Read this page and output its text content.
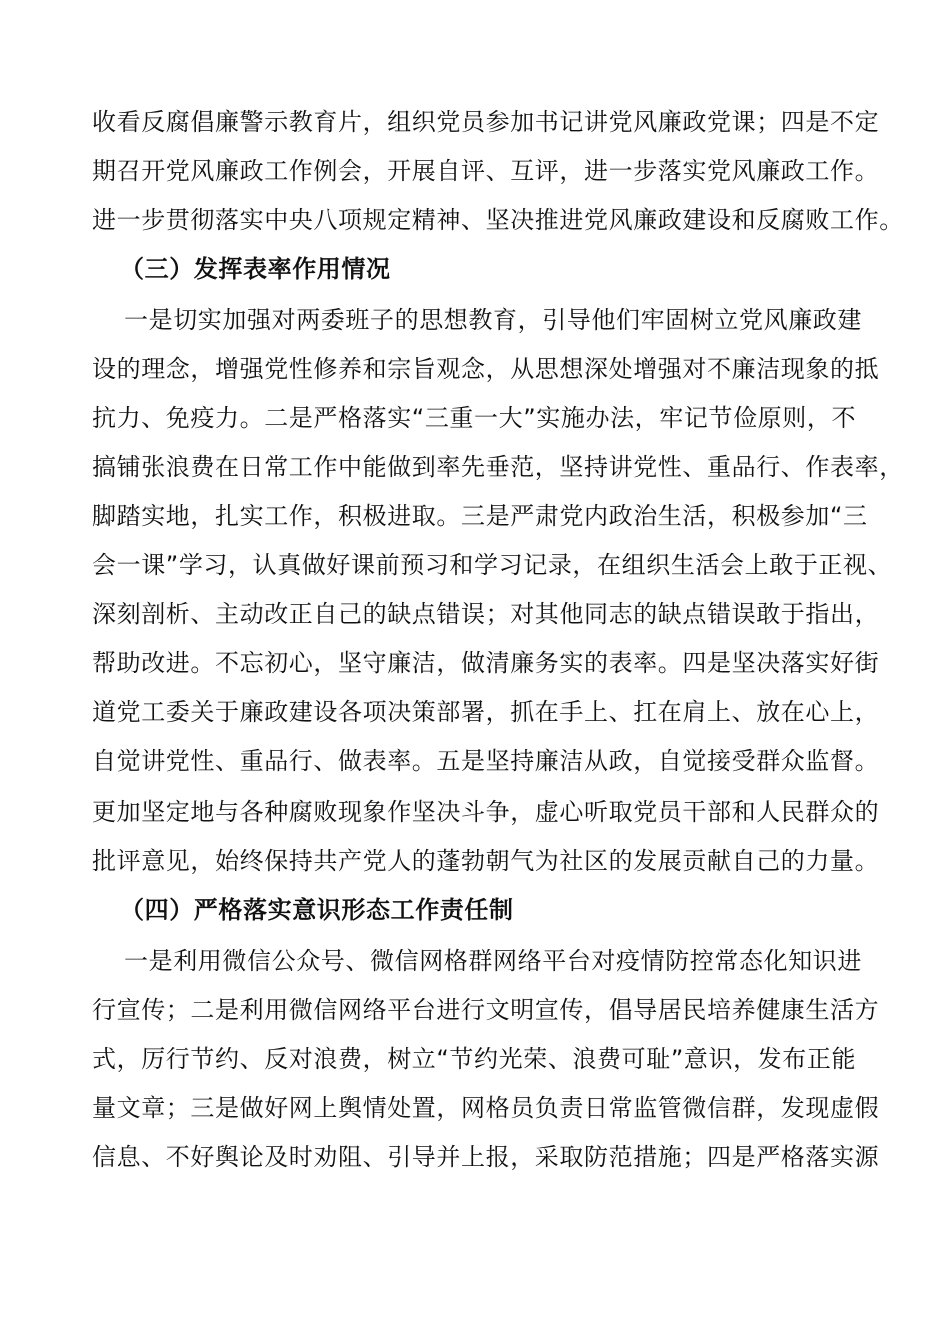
收看反腐倡廉警示教育片，组织党员参加书记讲党风廉政党课；四是不定
期召开党风廉政工作例会，开展自评、互评，进一步落实党风廉政工作。
进一步贯彻落实中央八项规定精神、坚决推进党风廉政建设和反腐败工作。
（三）发挥表率作用情况
一是切实加强对两委班子的思想教育，引导他们牢固树立党风廉政建
设的理念，增强党性修养和宗旨观念，从思想深处增强对不廉洁现象的抵
抗力、免疫力。二是严格落实“三重一大”实施办法，牢记节俭原则，不
搞铺张浪费在日常工作中能做到率先垂范，坚持讲党性、重品行、作表率，
脚踏实地，扎实工作，积极进取。三是严肃党内政治生活，积极参加“三
会一课”学习，认真做好课前预习和学习记录，在组织生活会上敢于正视、
深刻剖析、主动改正自己的缺点错误；对其他同志的缺点错误敢于指出，
帮助改进。不忘初心，坚守廉洁，做清廉务实的表率。四是坚决落实好街
道党工委关于廉政建设各项决策部署，抓在手上、扛在肩上、放在心上，
自觉讲党性、重品行、做表率。五是坚持廉洁从政，自觉接受群众监督。
更加坚定地与各种腐败现象作坚决斗争，虚心听取党员干部和人民群众的
批评意见，始终保持共产党人的蓬勃朝气为社区的发展贡献自己的力量。
（四）严格落实意识形态工作责任制
一是利用微信公众号、微信网格群网络平台对疫情防控常态化知识进
行宣传；二是利用微信网络平台进行文明宣传，倡导居民培养健康生活方
式，厉行节约、反对浪费，树立“节约光荣、浪费可耻”意识，发布正能
量文章；三是做好网上舆情处置，网格员负责日常监管微信群，发现虚假
信息、不好舆论及时劝阻、引导并上报，采取防范措施；四是严格落实源
